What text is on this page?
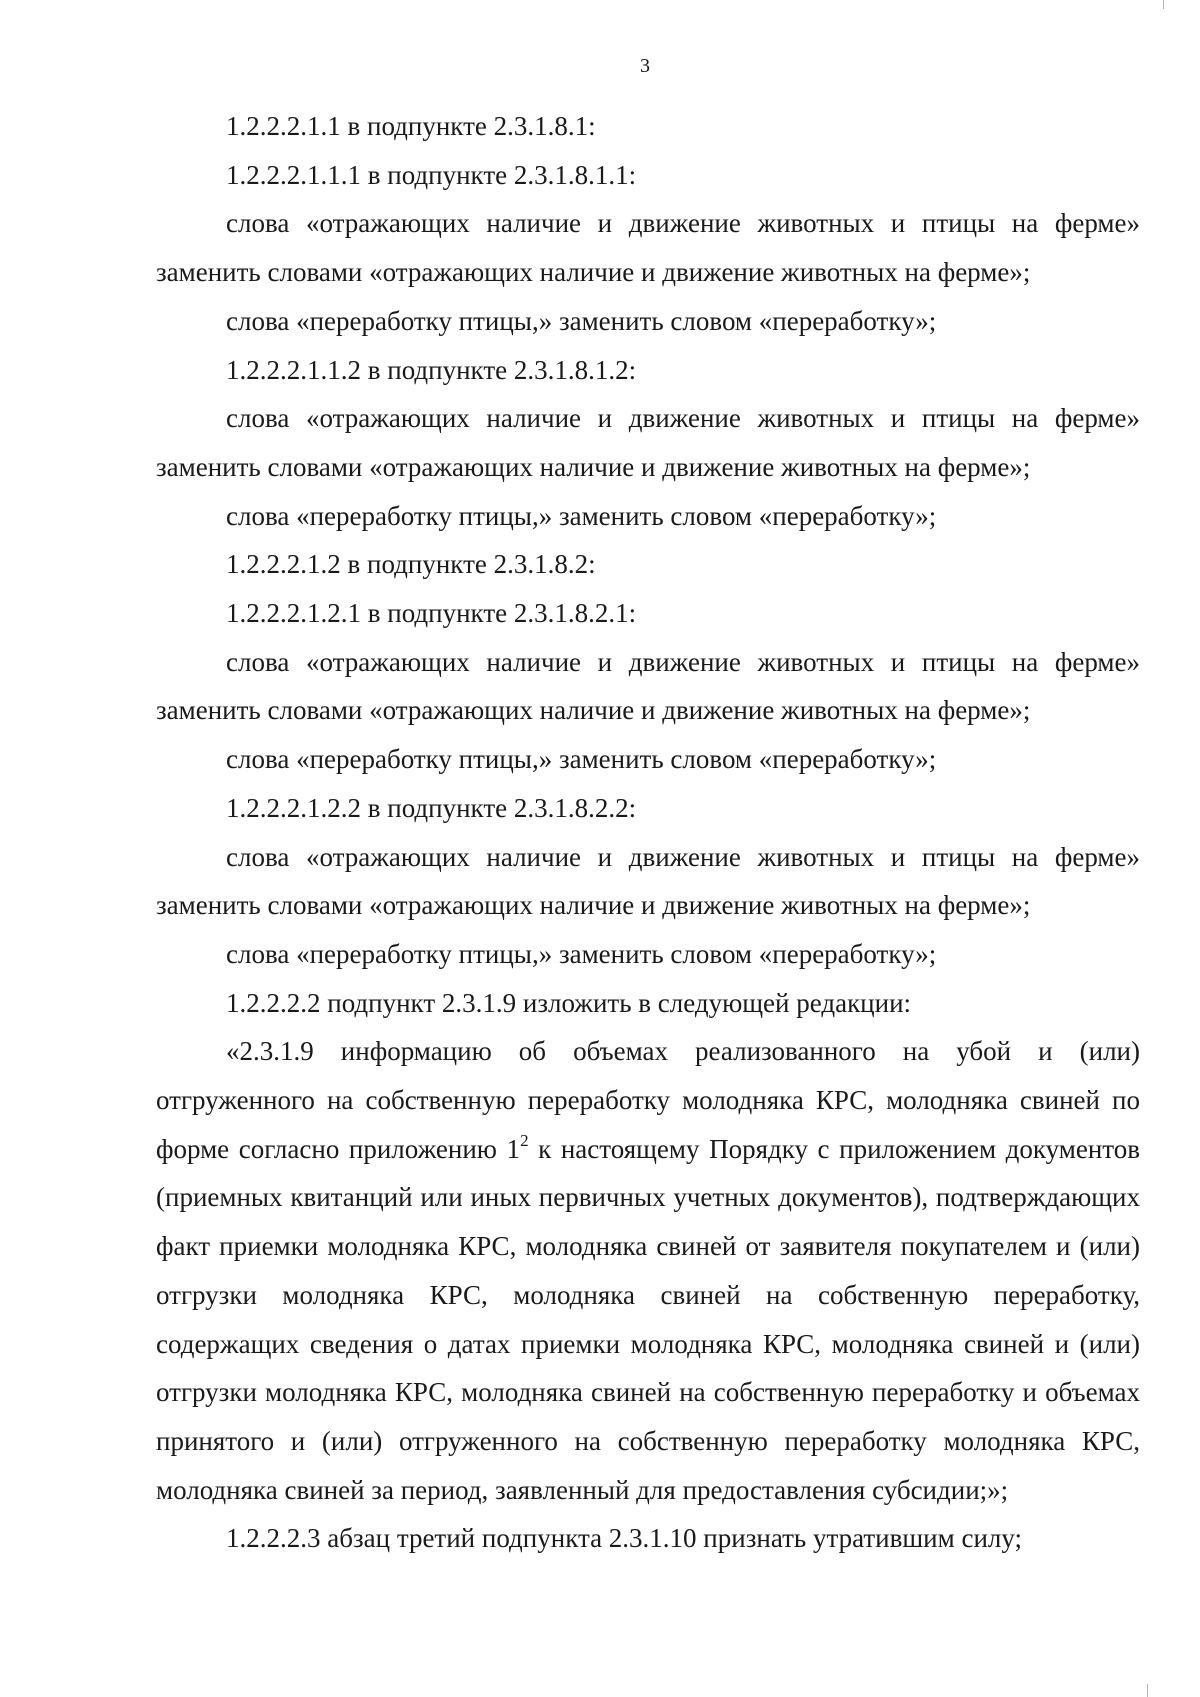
3

1.2.2.2.1.1 в подпункте 2.3.1.8.1:

1.2.2.2.1.1.1 в подпункте 2.3.1.8.1.1:

слова «отражающих наличие и движение животных и птицы на ферме» заменить словами «отражающих наличие и движение животных на ферме»;

слова «переработку птицы,» заменить словом «переработку»;

1.2.2.2.1.1.2 в подпункте 2.3.1.8.1.2:

слова «отражающих наличие и движение животных и птицы на ферме» заменить словами «отражающих наличие и движение животных на ферме»;

слова «переработку птицы,» заменить словом «переработку»;

1.2.2.2.1.2 в подпункте 2.3.1.8.2:

1.2.2.2.1.2.1 в подпункте 2.3.1.8.2.1:

слова «отражающих наличие и движение животных и птицы на ферме» заменить словами «отражающих наличие и движение животных на ферме»;

слова «переработку птицы,» заменить словом «переработку»;

1.2.2.2.1.2.2 в подпункте 2.3.1.8.2.2:

слова «отражающих наличие и движение животных и птицы на ферме» заменить словами «отражающих наличие и движение животных на ферме»;

слова «переработку птицы,» заменить словом «переработку»;

1.2.2.2.2 подпункт 2.3.1.9 изложить в следующей редакции:

«2.3.1.9 информацию об объемах реализованного на убой и (или) отгруженного на собственную переработку молодняка КРС, молодняка свиней по форме согласно приложению $1^2$ к настоящему Порядку с приложением документов (приемных квитанций или иных первичных учетных документов), подтверждающих факт приемки молодняка КРС, молодняка свиней от заявителя покупателем и (или) отгрузки молодняка КРС, молодняка свиней на собственную переработку, содержащих сведения о датах приемки молодняка КРС, молодняка свиней и (или) отгрузки молодняка КРС, молодняка свиней на собственную переработку и объемах принятого и (или) отгруженного на собственную переработку молодняка КРС, молодняка свиней за период, заявленный для предоставления субсидии;»;

1.2.2.2.3 абзац третий подпункта 2.3.1.10 признать утратившим силу;
